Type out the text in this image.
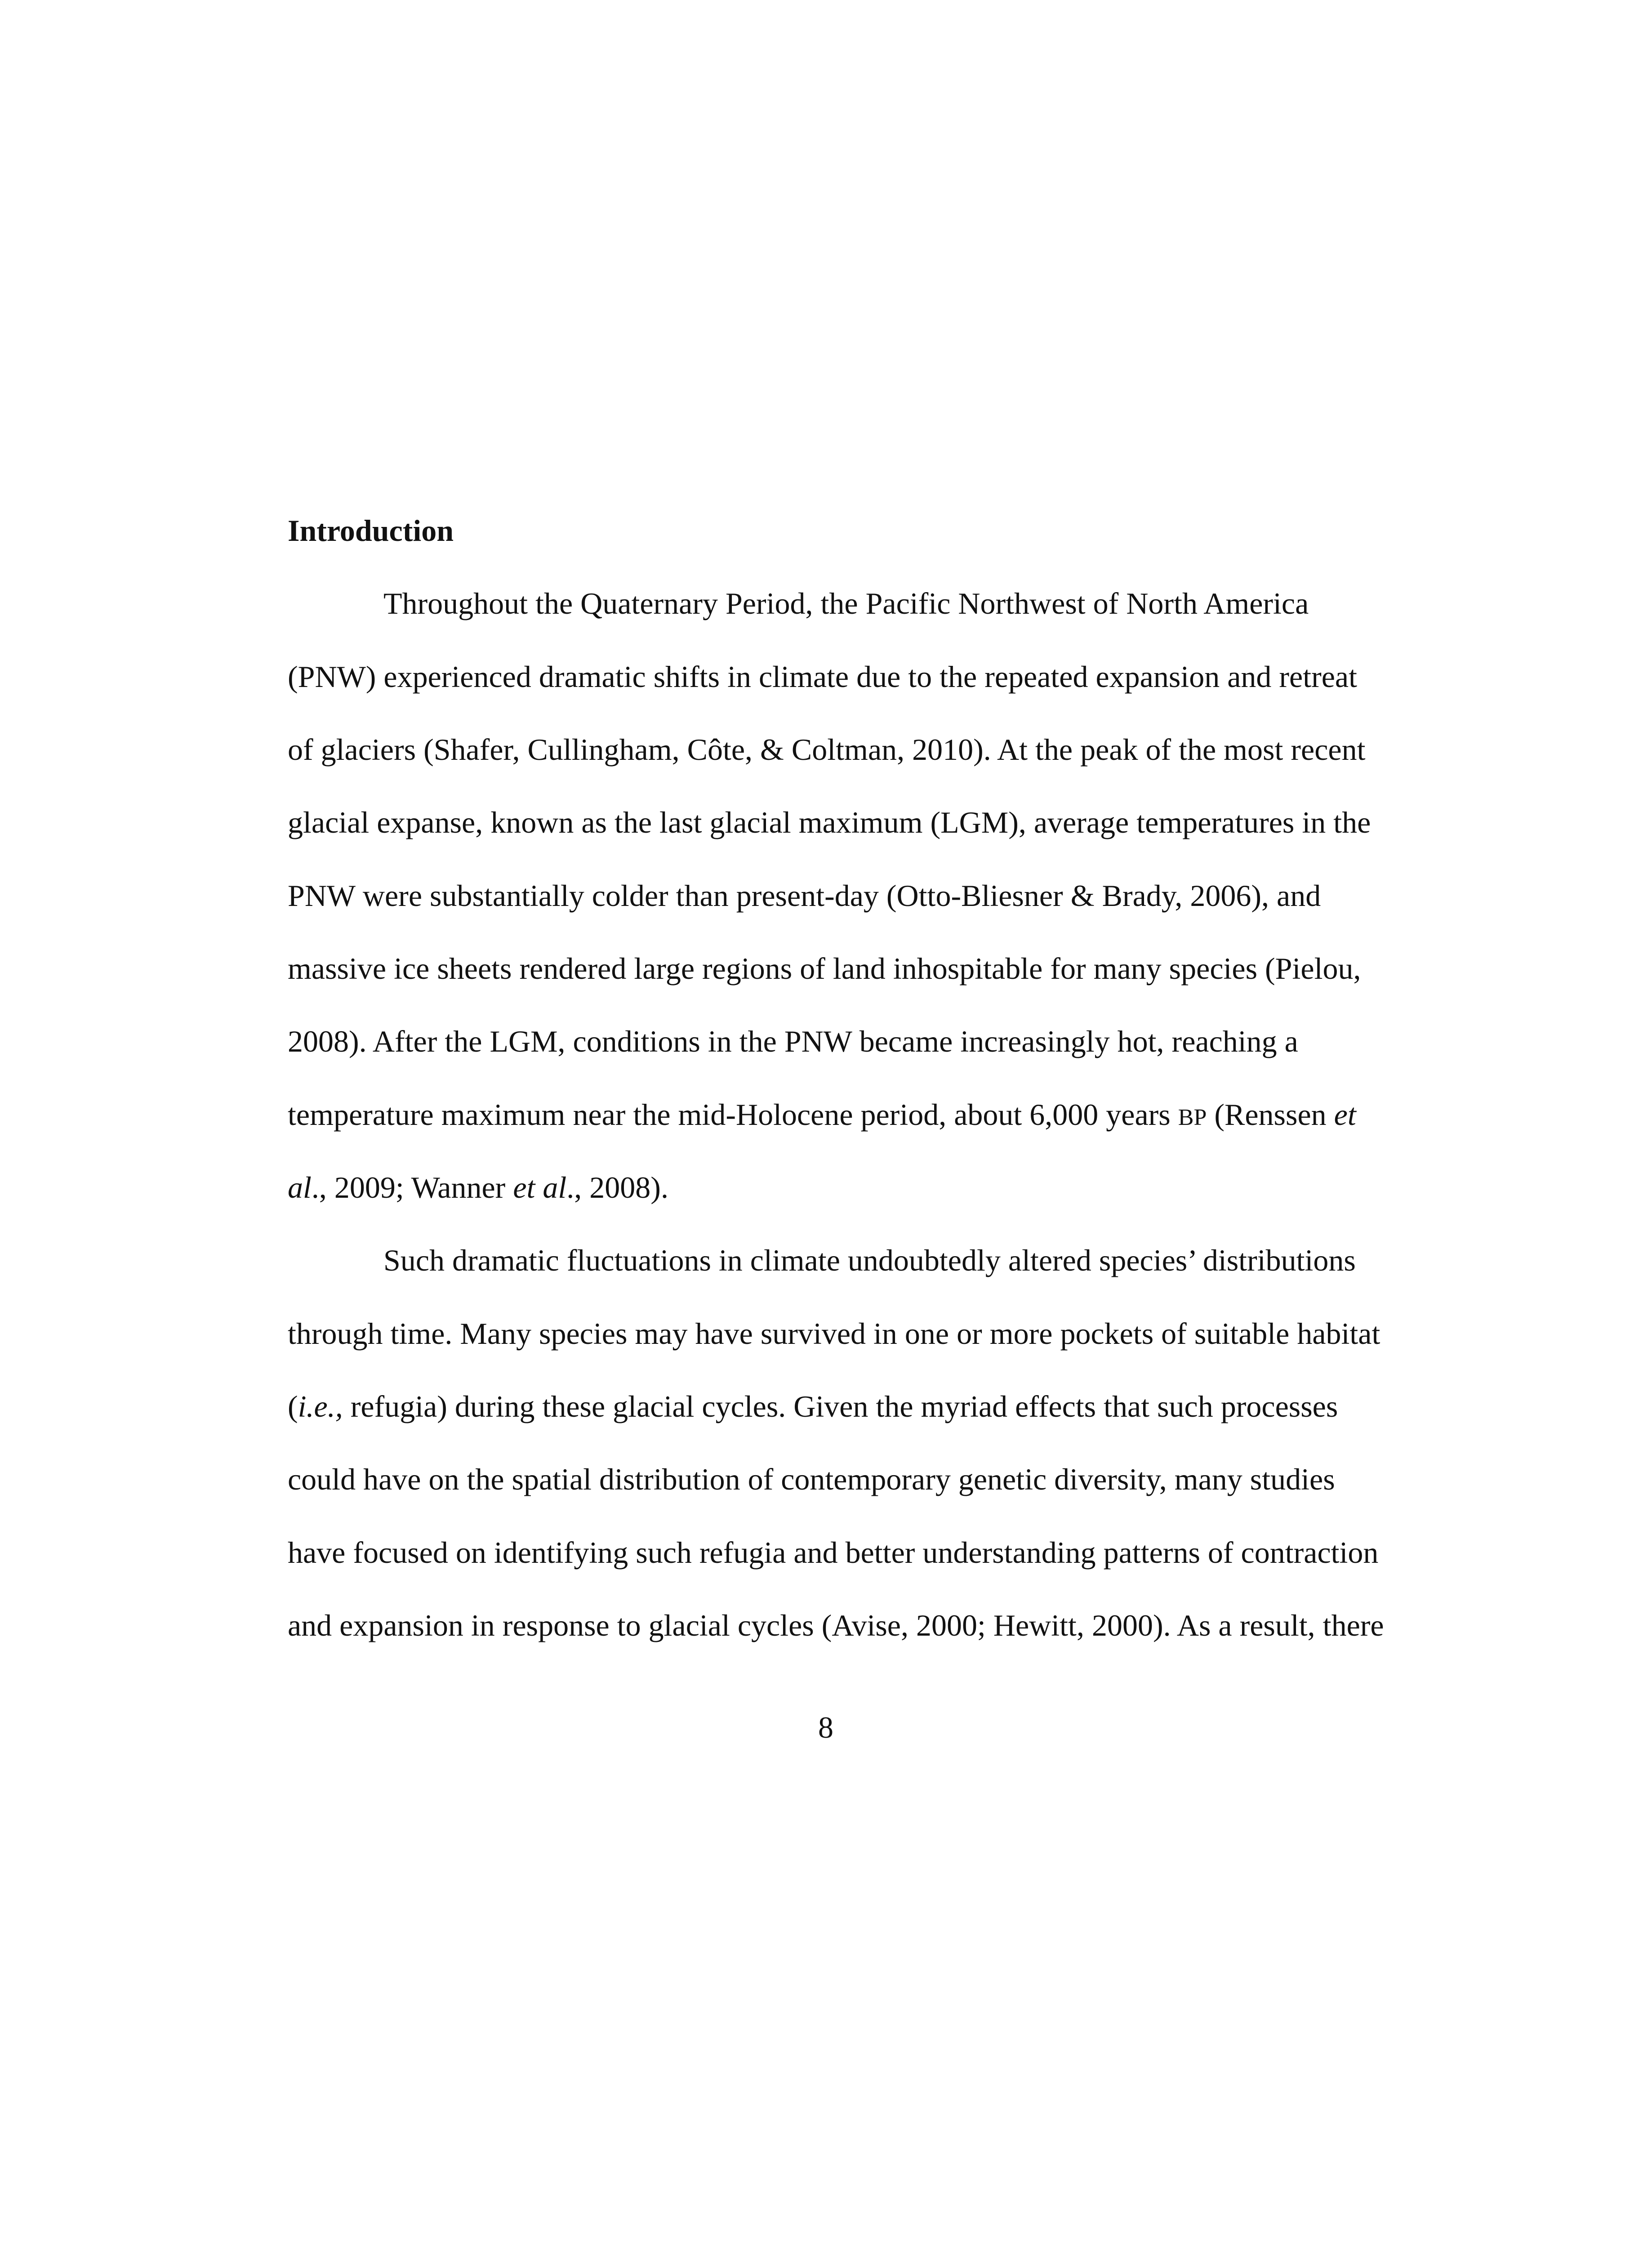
Introduction

Throughout the Quaternary Period, the Pacific Northwest of North America

(PNW) experienced dramatic shifts in climate due to the repeated expansion and retreat

of glaciers (Shafer, Cullingham, Côte, & Coltman, 2010). At the peak of the most recent

glacial expanse, known as the last glacial maximum (LGM), average temperatures in the

PNW were substantially colder than present-day (Otto-Bliesner & Brady, 2006), and

massive ice sheets rendered large regions of land inhospitable for many species (Pielou,

2008). After the LGM, conditions in the PNW became increasingly hot, reaching a

temperature maximum near the mid-Holocene period, about 6,000 years BP (Renssen et

al., 2009; Wanner et al., 2008).

Such dramatic fluctuations in climate undoubtedly altered species’ distributions

through time. Many species may have survived in one or more pockets of suitable habitat

(i.e., refugia) during these glacial cycles. Given the myriad effects that such processes

could have on the spatial distribution of contemporary genetic diversity, many studies

have focused on identifying such refugia and better understanding patterns of contraction

and expansion in response to glacial cycles (Avise, 2000; Hewitt, 2000). As a result, there

8
